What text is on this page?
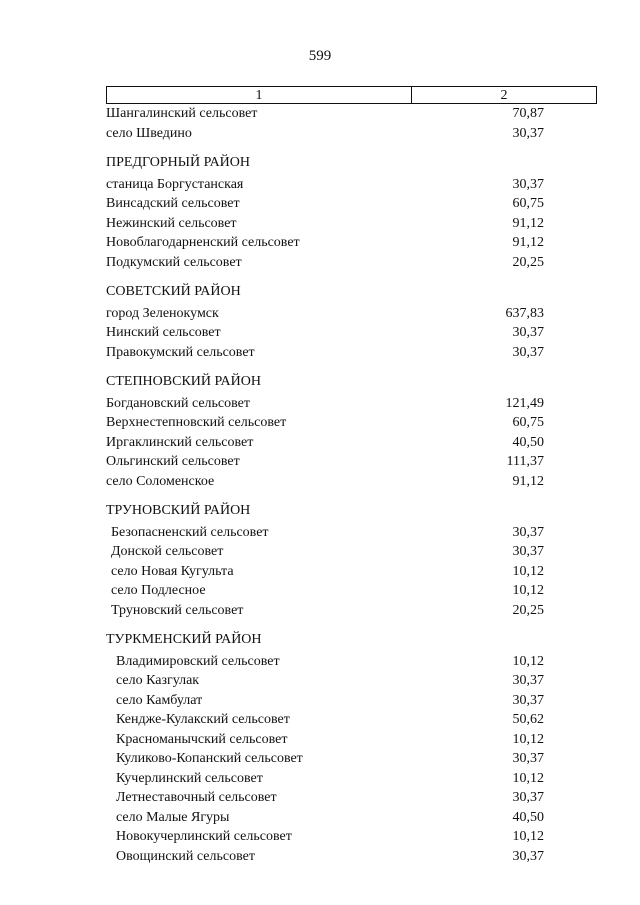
599
1	2
Шангалинский сельсовет	70,87
село Шведино	30,37
ПРЕДГОРНЫЙ РАЙОН
станица Боргустанская	30,37
Винсадский сельсовет	60,75
Нежинский сельсовет	91,12
Новоблагодарненский сельсовет	91,12
Подкумский сельсовет	20,25
СОВЕТСКИЙ РАЙОН
город Зеленокумск	637,83
Нинский сельсовет	30,37
Правокумский сельсовет	30,37
СТЕПНОВСКИЙ РАЙОН
Богдановский сельсовет	121,49
Верхнестепновский сельсовет	60,75
Иргаклинский сельсовет	40,50
Ольгинский сельсовет	111,37
село Соломенское	91,12
ТРУНОВСКИЙ РАЙОН
Безопасненский сельсовет	30,37
Донской сельсовет	30,37
село Новая Кугульта	10,12
село Подлесное	10,12
Труновский сельсовет	20,25
ТУРКМЕНСКИЙ РАЙОН
Владимировский сельсовет	10,12
село Казгулак	30,37
село Камбулат	30,37
Кендже-Кулакский сельсовет	50,62
Красноманычский сельсовет	10,12
Куликово-Копанский сельсовет	30,37
Кучерлинский сельсовет	10,12
Летнеставочный сельсовет	30,37
село Малые Ягуры	40,50
Новокучерлинский сельсовет	10,12
Овощинский сельсовет	30,37
